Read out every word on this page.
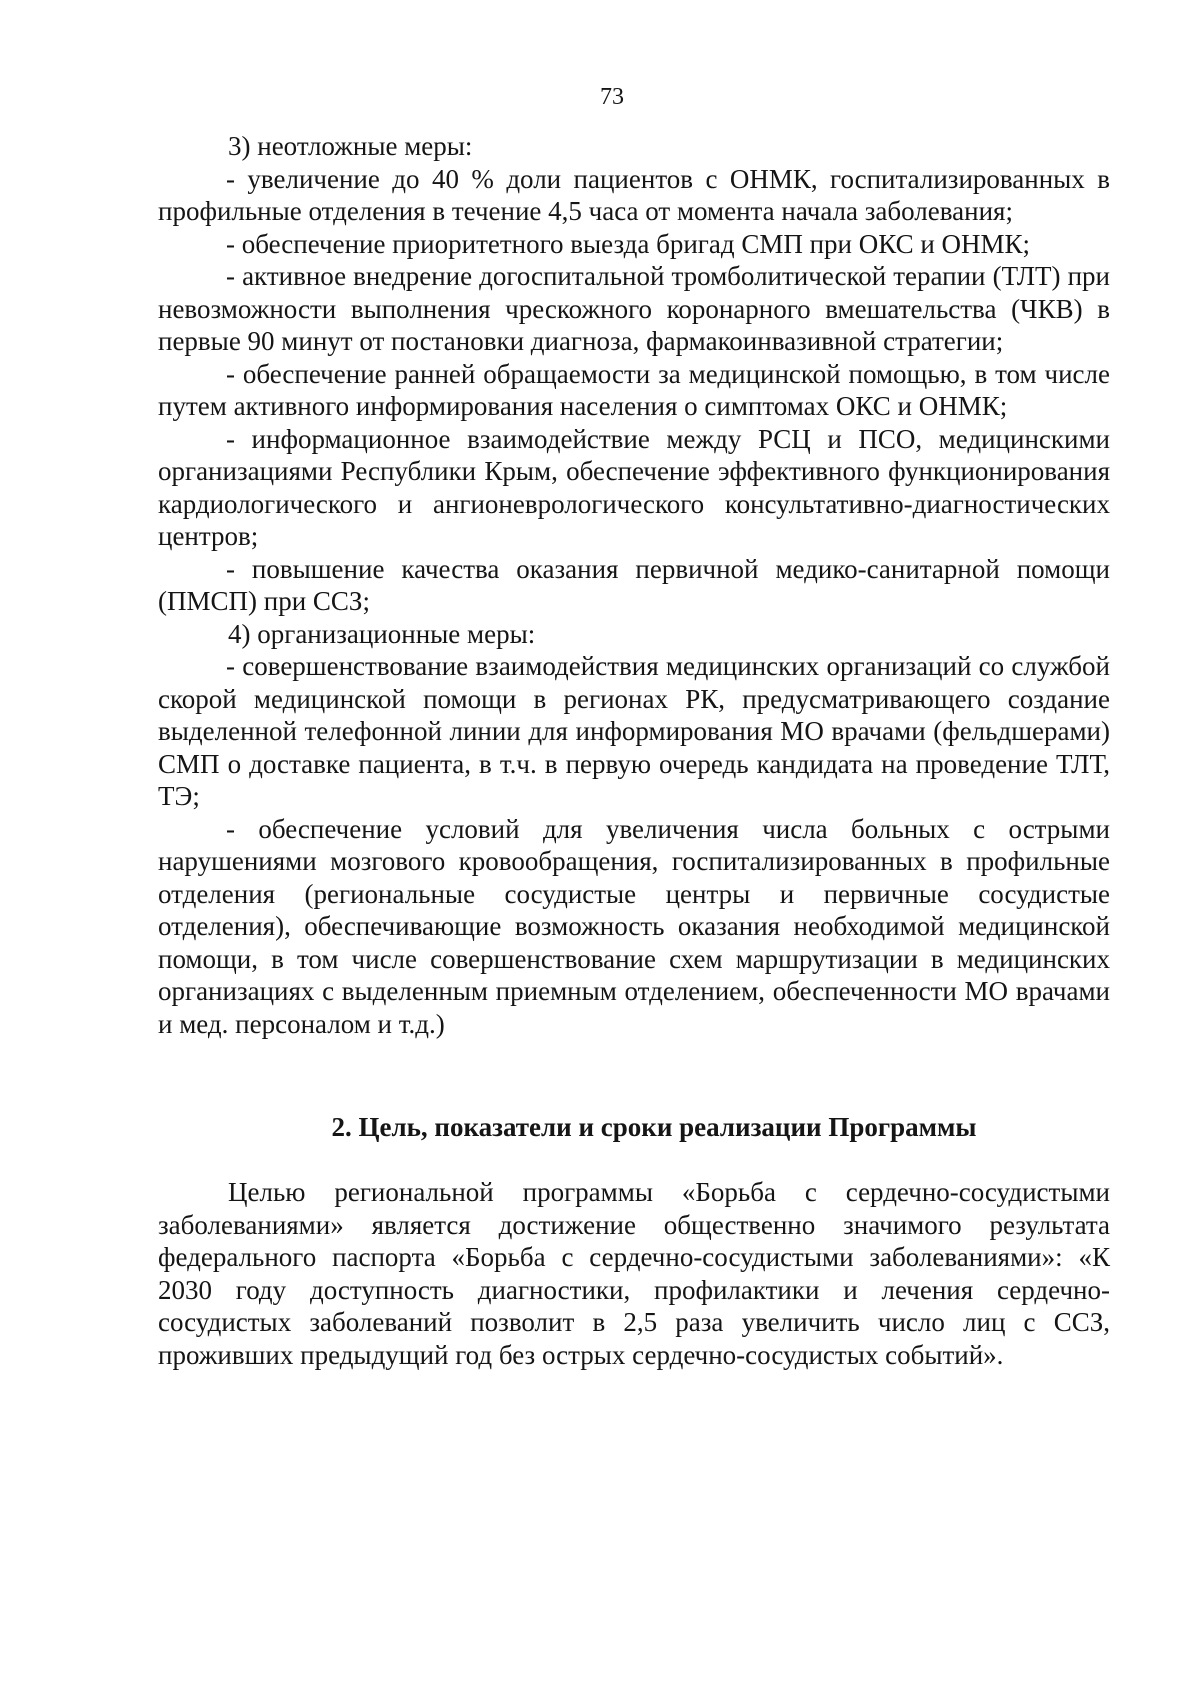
73

3) неотложные меры:

- увеличение до 40 % доли пациентов с ОНМК, госпитализированных в профильные отделения в течение 4,5 часа от момента начала заболевания;

- обеспечение приоритетного выезда бригад СМП при ОКС и ОНМК;

- активное внедрение догоспитальной тромболитической терапии (ТЛТ) при невозможности выполнения чрескожного коронарного вмешательства (ЧКВ) в первые 90 минут от постановки диагноза, фармакоинвазивной стратегии;

- обеспечение ранней обращаемости за медицинской помощью, в том числе путем активного информирования населения о симптомах ОКС и ОНМК;

- информационное взаимодействие между РСЦ и ПСО, медицинскими организациями Республики Крым, обеспечение эффективного функционирования кардиологического и ангионеврологического консультативно-диагностических центров;

- повышение качества оказания первичной медико-санитарной помощи (ПМСП) при ССЗ;

4) организационные меры:

- совершенствование взаимодействия медицинских организаций со службой скорой медицинской помощи в регионах РК, предусматривающего создание выделенной телефонной линии для информирования МО врачами (фельдшерами) СМП о доставке пациента, в т.ч. в первую очередь кандидата на проведение ТЛТ, ТЭ;

- обеспечение условий для увеличения числа больных с острыми нарушениями мозгового кровообращения, госпитализированных в профильные отделения (региональные сосудистые центры и первичные сосудистые отделения), обеспечивающие возможность оказания необходимой медицинской помощи, в том числе совершенствование схем маршрутизации в медицинских организациях с выделенным приемным отделением, обеспеченности МО врачами и мед. персоналом и т.д.)

2. Цель, показатели и сроки реализации Программы

Целью региональной программы «Борьба с сердечно-сосудистыми заболеваниями» является достижение общественно значимого результата федерального паспорта «Борьба с сердечно-сосудистыми заболеваниями»: «К 2030 году доступность диагностики, профилактики и лечения сердечно-сосудистых заболеваний позволит в 2,5 раза увеличить число лиц с ССЗ, проживших предыдущий год без острых сердечно-сосудистых событий».
